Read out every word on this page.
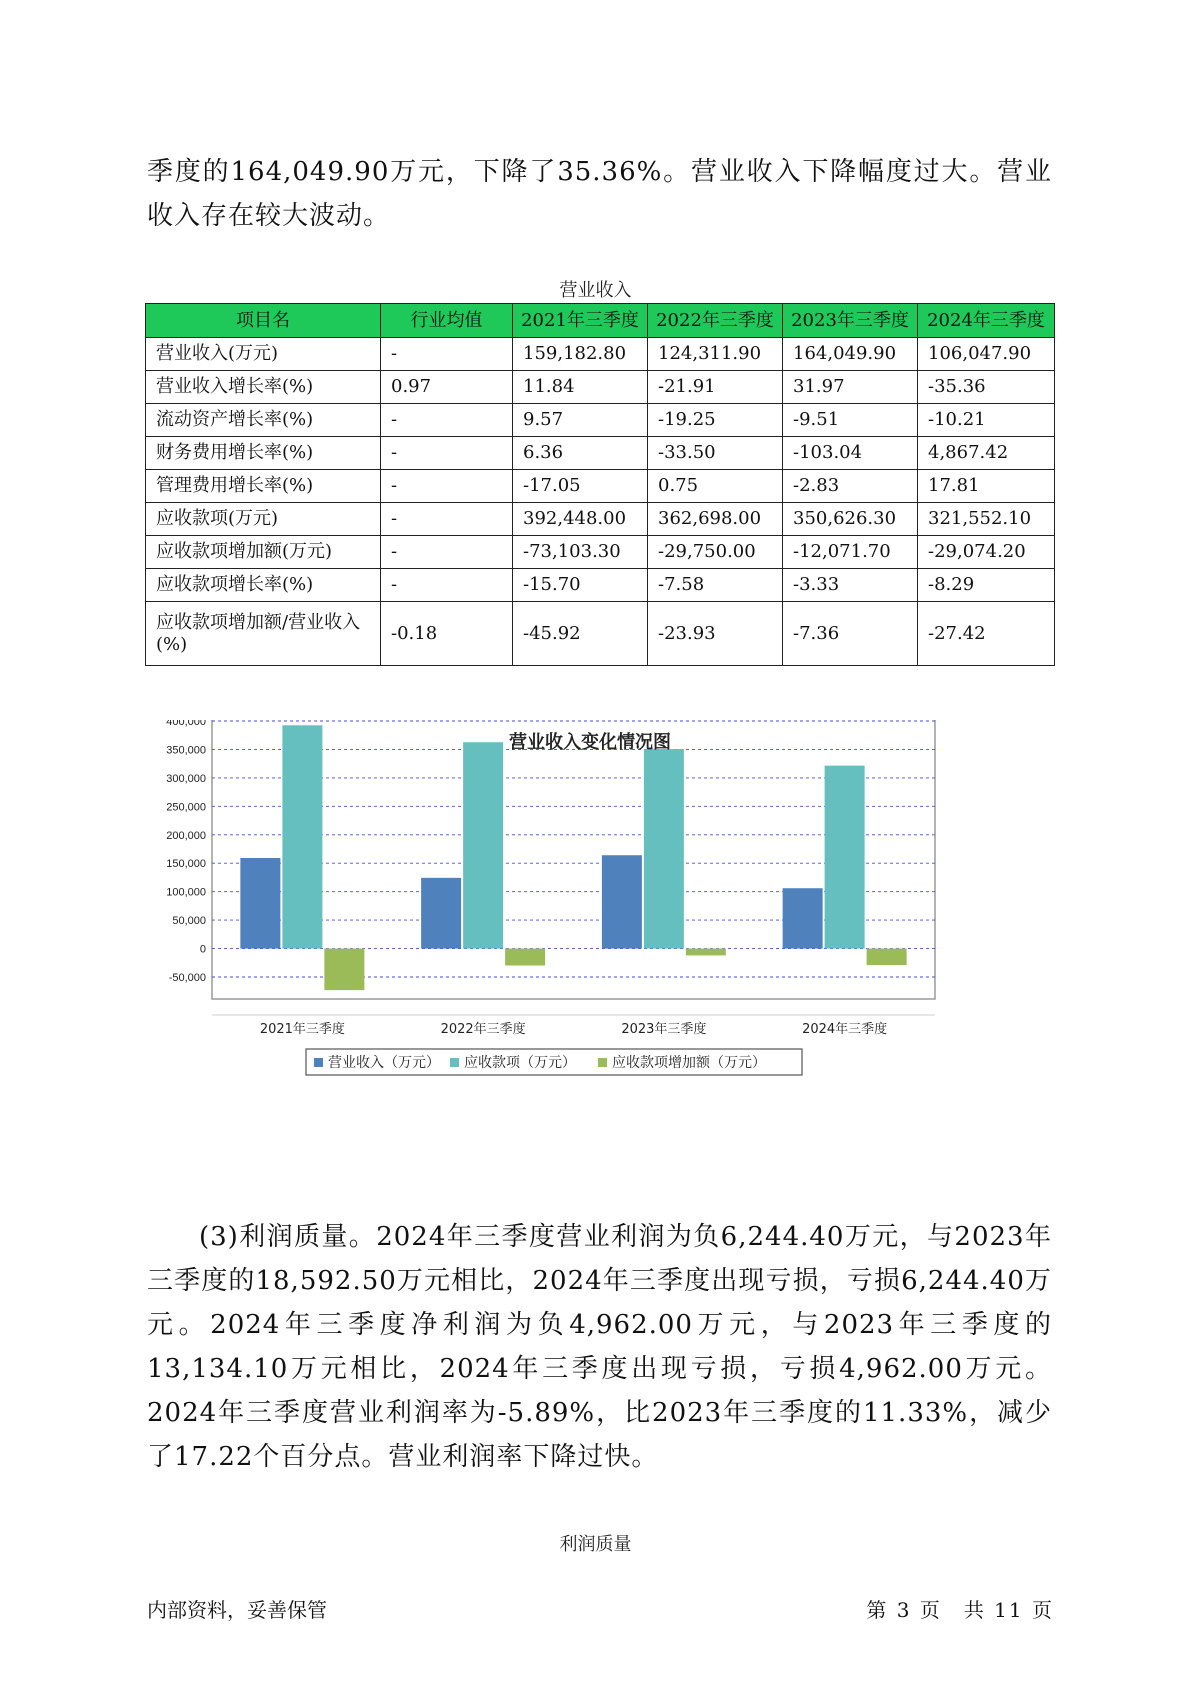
季度的164,049.90万元，下降了35.36%。营业收入下降幅度过大。营业收入存在较大波动。

营业收入

项目名	行业均值	2021年三季度	2022年三季度	2023年三季度	2024年三季度
营业收入(万元)	-	159,182.80	124,311.90	164,049.90	106,047.90
营业收入增长率(%)	0.97	11.84	-21.91	31.97	-35.36
流动资产增长率(%)	-	9.57	-19.25	-9.51	-10.21
财务费用增长率(%)	-	6.36	-33.50	-103.04	4,867.42
管理费用增长率(%)	-	-17.05	0.75	-2.83	17.81
应收款项(万元)	-	392,448.00	362,698.00	350,626.30	321,552.10
应收款项增加额(万元)	-	-73,103.30	-29,750.00	-12,071.70	-29,074.20
应收款项增长率(%)	-	-15.70	-7.58	-3.33	-8.29
应收款项增加额/营业收入(%)	-0.18	-45.92	-23.93	-7.36	-27.42

营业收入变化情况图

400,000
350,000
300,000
250,000
200,000
150,000
100,000
50,000
0
-50,000
2021年三季度	2022年三季度	2023年三季度	2024年三季度
营业收入（万元） 应收款项（万元）	应收款项增加额（万元）

(3)利润质量。2024年三季度营业利润为负6,244.40万元，与2023年三季度的18,592.50万元相比，2024年三季度出现亏损，亏损6,244.40万元。2024年三季度净利润为负4,962.00万元，与2023年三季度的13,134.10万元相比，2024年三季度出现亏损，亏损4,962.00万元。 2024年三季度营业利润率为-5.89%，比2023年三季度的11.33%，减少了17.22个百分点。营业利润率下降过快。

利润质量

内部资料，妥善保管	第 3 页　共 11 页
